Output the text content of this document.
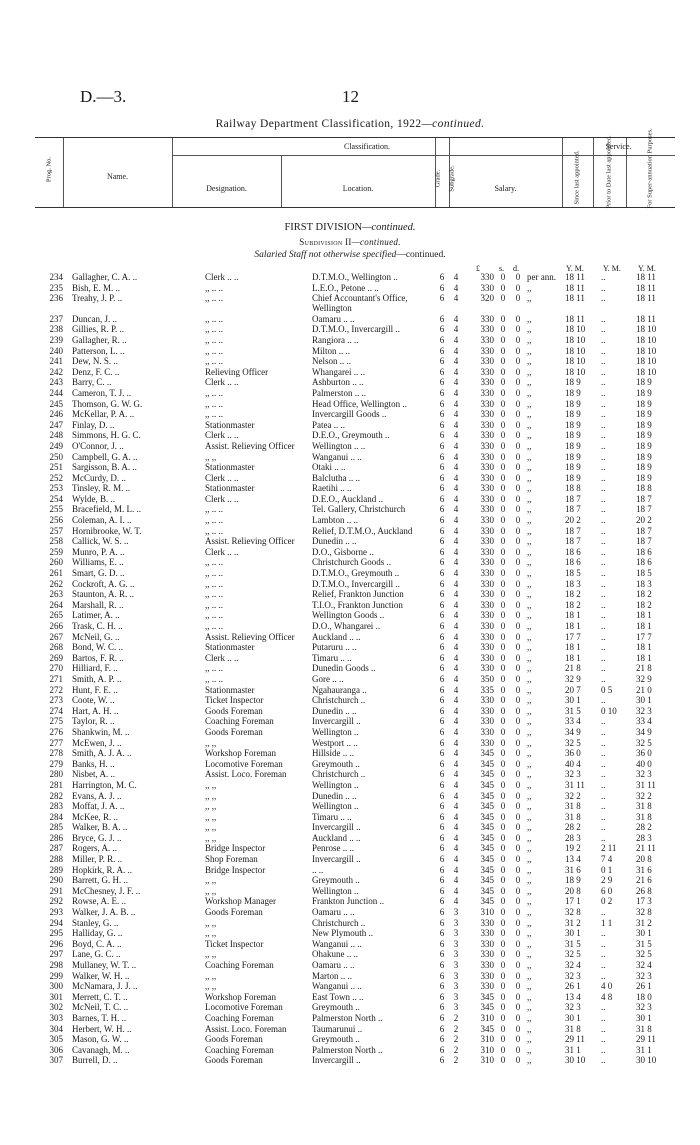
D.—3.	12
Railway Department Classification, 1922—continued.
Prog. No.	Name.
Classification.
Designation.	Location.
Grade. Subgrade.	Salary.
Service.
Since last appointed.	Prior to Date last appointed.	For Super-annuation Purposes.
FIRST DIVISION—continued.
Subdivision II—continued.
Salaried Staff not otherwise specified—continued.
£ s. d.	Y. M. Y. M. Y. M.
234 Gallagher, C. A. ..	Clerk .. ..	D.T.M.O., Wellington ..	6	4	330 0	0 per ann.	18 11	..	18 11
235 Bish, E. M. ..	,, .. ..	L.E.O., Petone .. ..	6	4	330 0	0 ,,	18 11	..	18 11
236 Treahy, J. P. ..	,, .. ..	Chief Accountant's Office, Wellington
6	4	320 0	0 ,,	18 11	..	18 11
237 Duncan, J. ..	,, .. ..	Oamaru .. ..	6	4	330 0	0 ,,	18 11	..	18 11
238 Gillies, R. P. ..	,, .. ..	D.T.M.O., Invercargill ..	6	4	330 0	0 ,,	18 10	..	18 10
239 Gallagher, R. ..	,, .. ..	Rangiora .. ..	6	4	330 0	0 ,,	18 10	..	18 10
240 Patterson, L. ..	,, .. ..	Milton .. ..	6	4	330 0	0 ,,	18 10	..	18 10
241 Dew, N. S. ..	,, .. ..	Nelson .. ..	6	4	330 0	0 ,,	18 10	..	18 10
242 Denz, F. C. ..	Relieving Officer	Whangarei .. ..	6	4	330 0	0 ,,	18 10	..	18 10
243 Barry, C. ..	Clerk .. ..	Ashburton .. ..	6	4	330 0	0 ,,	18 9	..	18 9
244 Cameron, T. J. ..	,, .. ..	Palmerston .. ..	6	4	330 0	0 ,,	18 9	..	18 9
245 Thomson, G. W. G.	,, .. ..	Head Office, Wellington ..	6	4	330 0	0 ,,	18 9	..	18 9
246 McKellar, P. A. ..	,, .. ..	Invercargill Goods ..	6	4	330 0	0 ,,	18 9	..	18 9
247 Finlay, D. ..	Stationmaster	Patea .. ..	6	4	330 0	0 ,,	18 9	..	18 9
248 Simmons, H. G. C.	Clerk .. ..	D.E.O., Greymouth ..	6	4	330 0	0 ,,	18 9	..	18 9
249 O'Connor, J. ..	Assist. Relieving Officer	Wellington .. ..	6	4	330 0	0 ,,	18 9	..	18 9
250 Campbell, G. A. ..	,, ,,	Wanganui .. ..	6	4	330 0	0 ,,	18 9	..	18 9
251 Sargisson, B. A. ..	Stationmaster	Otaki .. ..	6	4	330 0	0 ,,	18 9	..	18 9
252 McCurdy, D. ..	Clerk .. ..	Balclutha .. ..	6	4	330 0	0 ,,	18 9	..	18 9
253 Tinsley, R. M. ..	Stationmaster	Raetihi .. ..	6	4	330 0	0 ,,	18 8	..	18 8
254 Wylde, B. ..	Clerk .. ..	D.E.O., Auckland ..	6	4	330 0	0 ,,	18 7	..	18 7
255 Bracefield, M. L. ..	,, .. ..	Tel. Gallery, Christchurch	6	4	330 0	0 ,,	18 7	..	18 7
256 Coleman, A. I. ..	,, .. ..	Lambton .. ..	6	4	330 0	0 ,,	20 2	..	20 2
257 Hornibrooke, W. T.	,, .. ..	Relief, D.T.M.O., Auckland	6	4	330 0	0 ,,	18 7	..	18 7
258 Callick, W. S. ..	Assist. Relieving Officer	Dunedin .. ..	6	4	330 0	0 ,,	18 7	..	18 7
259 Munro, P. A. ..	Clerk .. ..	D.O., Gisborne ..	6	4	330 0	0 ,,	18 6	..	18 6
260 Williams, E. ..	,, .. ..	Christchurch Goods ..	6	4	330 0	0 ,,	18 6	..	18 6
261 Smart, G. D. ..	,, .. ..	D.T.M.O., Greymouth ..	6	4	330 0	0 ,,	18 5	..	18 5
262 Cockroft, A. G. ..	,, .. ..	D.T.M.O., Invercargill ..	6	4	330 0	0 ,,	18 3	..	18 3
263 Staunton, A. R. ..	,, .. ..	Relief, Frankton Junction	6	4	330 0	0 ,,	18 2	..	18 2
264 Marshall, R. ..	,, .. ..	T.I.O., Frankton Junction	6	4	330 0	0 ,,	18 2	..	18 2
265 Latimer, A. ..	,, .. ..	Wellington Goods ..	6	4	330 0	0 ,,	18 1	..	18 1
266 Trask, C. H. ..	,, .. ..	D.O., Whangarei ..	6	4	330 0	0 ,,	18 1	..	18 1
267 McNeil, G. ..	Assist. Relieving Officer	Auckland .. ..	6	4	330 0	0 ,,	17 7	..	17 7
268 Bond, W. C. ..	Stationmaster	Putaruru .. ..	6	4	330 0	0 ,,	18 1	..	18 1
269 Bartos, F. R. ..	Clerk .. ..	Timaru .. ..	6	4	330 0	0 ,,	18 1	..	18 1
270 Hilliard, F. ..	,, .. ..	Dunedin Goods ..	6	4	330 0	0 ,,	21 8	..	21 8
271 Smith, A. P. ..	,, .. ..	Gore .. ..	6	4	350 0	0 ,,	32 9	..	32 9
272 Hunt, F. E. ..	Stationmaster	Ngahauranga ..	6	4	335 0	0 ,,	20 7	0 5	21 0
273 Coote, W. ..	Ticket Inspector	Christchurch ..	6	4	330 0	0 ,,	30 1	..	30 1
274 Hart, A. H. ..	Goods Foreman	Dunedin .. ..	6	4	330 0	0 ,,	31 5	0 10	32 3
275 Taylor, R. ..	Coaching Foreman	Invercargill ..	6	4	330 0	0 ,,	33 4	..	33 4
276 Shankwin, M. ..	Goods Foreman	Wellington ..	6	4	330 0	0 ,,	34 9	..	34 9
277 McEwen, J. ..	,, ,,	Westport .. ..	6	4	330 0	0 ,,	32 5	..	32 5
278 Smith, A. J. A. ..	Workshop Foreman	Hillside .. ..	6	4	345 0	0 ,,	36 0	..	36 0
279 Banks, H. ..	Locomotive Foreman	Greymouth ..	6	4	345 0	0 ,,	40 4	..	40 0
280 Nisbet, A. ..	Assist. Loco. Foreman	Christchurch ..	6	4	345 0	0 ,,	32 3	..	32 3
281 Harrington, M. C.	,, ,,	Wellington ..	6	4	345 0	0 ,,	31 11	..	31 11
282 Evans, A. J. ..	,, ,,	Dunedin .. ..	6	4	345 0	0 ,,	32 2	..	32 2
283 Moffat, J. A. ..	,, ,,	Wellington ..	6	4	345 0	0 ,,	31 8	..	31 8
284 McKee, R. ..	,, ,,	Timaru .. ..	6	4	345 0	0 ,,	31 8	..	31 8
285 Walker, B. A. ..	,, ,,	Invercargill ..	6	4	345 0	0 ,,	28 2	..	28 2
286 Bryce, G. J. ..	,, ,,	Auckland .. ..	6	4	345 0	0 ,,	28 3	..	28 3
287 Rogers, A. ..	Bridge Inspector	Penrose .. ..	6	4	345 0	0 ,,	19 2	2 11	21 11
288 Miller, P. R. ..	Shop Foreman	Invercargill ..	6	4	345 0	0 ,,	13 4	7 4	20 8
289 Hopkirk, R. A. ..	Bridge Inspector	.. ..	6	4	345 0	0 ,,	31 6	0 1	31 6
290 Barrett, G. H. ..	,, ,,	Greymouth ..	6	4	345 0	0 ,,	18 9	2 9	21 6
291 McChesney, J. F. ..	,, ,,	Wellington ..	6	4	345 0	0 ,,	20 8	6 0	26 8
292 Rowse, A. E. ..	Workshop Manager	Frankton Junction ..	6	4	345 0	0 ,,	17 1	0 2	17 3
293 Walker, J. A. B. ..	Goods Foreman	Oamaru .. ..	6	3	310 0	0 ,,	32 8	..	32 8
294 Stanley, G. ..	,, ,,	Christchurch ..	6	3	330 0	0 ,,	31 2	1 1	31 2
295 Halliday, G. ..	,, ,,	New Plymouth ..	6	3	330 0	0 ,,	30 1	..	30 1
296 Boyd, C. A. ..	Ticket Inspector	Wanganui .. ..	6	3	330 0	0 ,,	31 5	..	31 5
297 Lane, G. C. ..	,, ,,	Ohakune .. ..	6	3	330 0	0 ,,	32 5	..	32 5
298 Mullaney, W. T. ..	Coaching Foreman	Oamaru .. ..	6	3	330 0	0 ,,	32 4	..	32 4
299 Walker, W. H. ..	,, ,,	Marton .. ..	6	3	330 0	0 ,,	32 3	..	32 3
300 McNamara, J. J. ..	,, ,,	Wanganui .. ..	6	3	330 0	0 ,,	26 1	4 0	26 1
301 Merrett, C. T. ..	Workshop Foreman	East Town .. ..	6	3	345 0	0 ,,	13 4	4 8	18 0
302 McNeil, T. C. ..	Locomotive Foreman	Greymouth ..	6	3	345 0	0 ,,	32 3	..	32 3
303 Barnes, T. H. ..	Coaching Foreman	Palmerston North ..	6	2	310 0	0 ,,	30 1	..	30 1
304 Herbert, W. H. ..	Assist. Loco. Foreman	Taumarunui ..	6	2	345 0	0 ,,	31 8	..	31 8
305 Mason, G. W. ..	Goods Foreman	Greymouth ..	6	2	310 0	0 ,,	29 11	..	29 11
306 Cavanagh, M. ..	Coaching Foreman	Palmerston North ..	6	2	310 0	0 ,,	31 1	..	31 1
307 Burrell, D. ..	Goods Foreman	Invercargill ..	6	2	310 0	0 ,,	30 10	..	30 10
